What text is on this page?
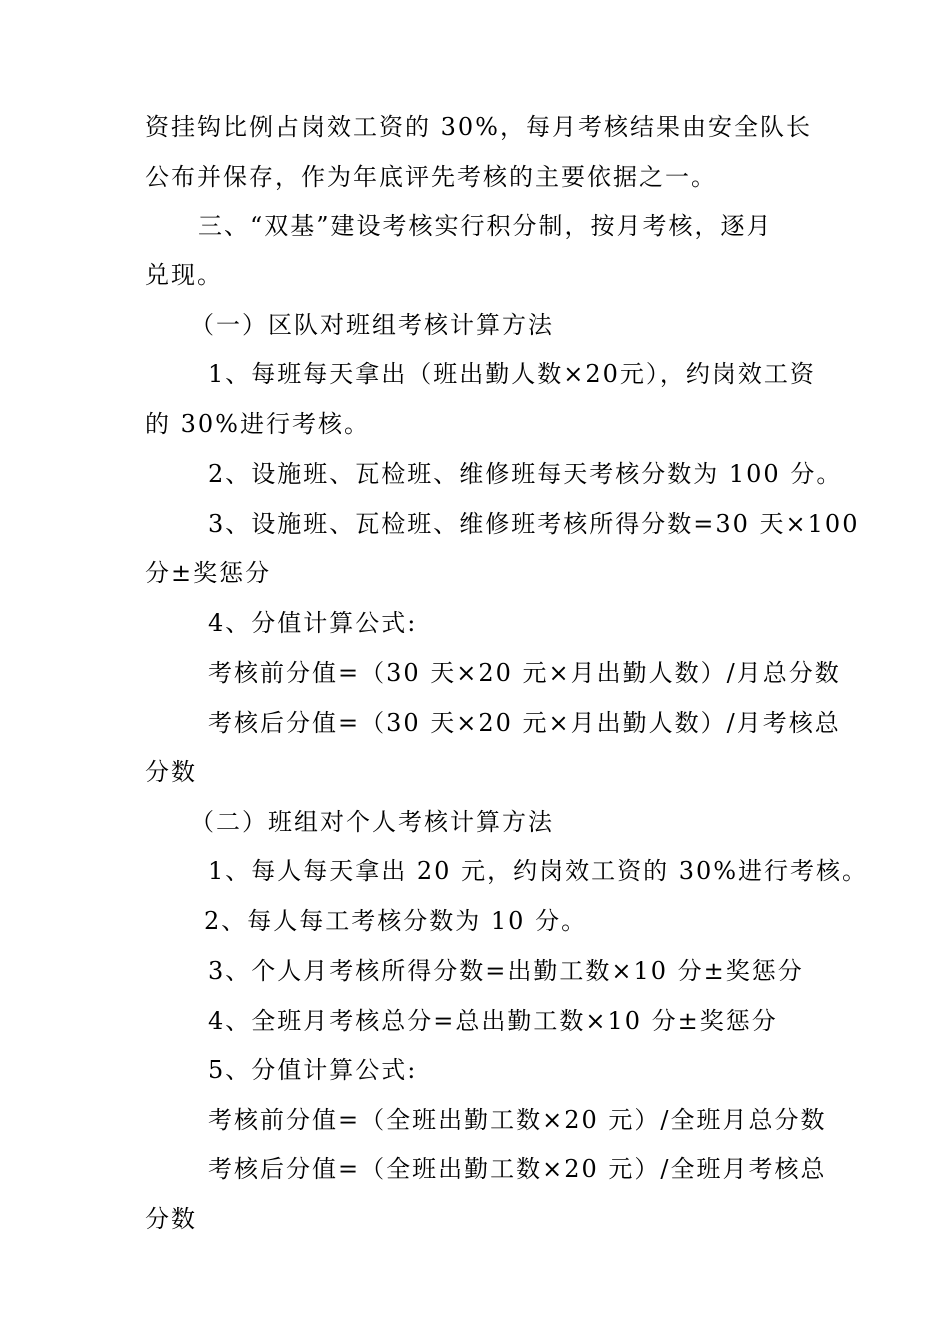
资挂钩比例占岗效工资的 30%，每月考核结果由安全队长
公布并保存，作为年底评先考核的主要依据之一。
三、“双基”建设考核实行积分制，按月考核，逐月
兑现。
（一）区队对班组考核计算方法
1、每班每天拿出（班出勤人数×20元），约岗效工资
的 30%进行考核。
2、设施班、瓦检班、维修班每天考核分数为 100 分。
3、设施班、瓦检班、维修班考核所得分数=30 天×100
分±奖惩分
4、分值计算公式:
考核前分值=（30 天×20 元×月出勤人数）/月总分数
考核后分值=（30 天×20 元×月出勤人数）/月考核总
分数
（二）班组对个人考核计算方法
1、每人每天拿出 20 元，约岗效工资的 30%进行考核。
2、每人每工考核分数为 10 分。
3、个人月考核所得分数=出勤工数×10 分±奖惩分
4、全班月考核总分=总出勤工数×10 分±奖惩分
5、分值计算公式:
考核前分值=（全班出勤工数×20 元）/全班月总分数
考核后分值=（全班出勤工数×20 元）/全班月考核总
分数
